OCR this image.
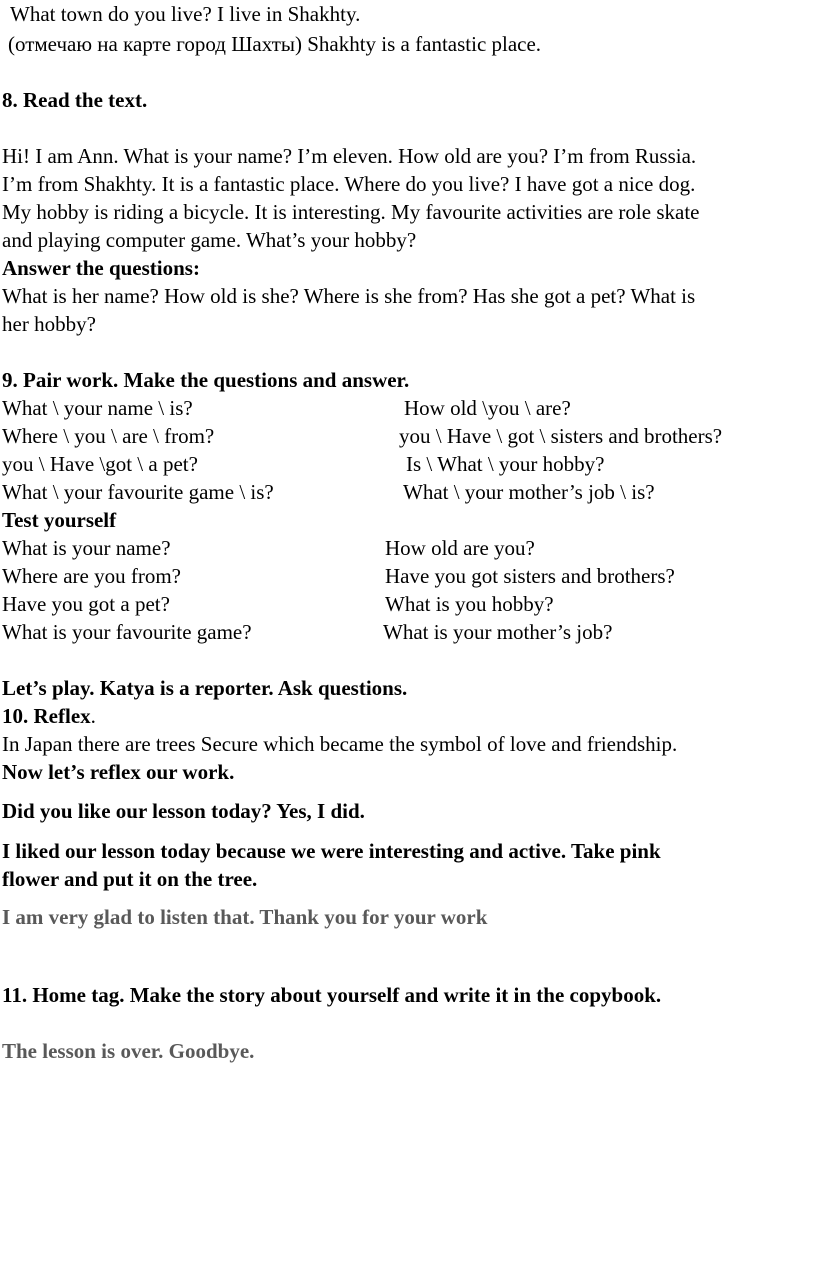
What town do you live? I live in Shakhty.

(отмечаю на карте город Шахты) Shakhty is a fantastic place.

8. Read the text.

Hi! I am Ann. What is your name? I’m eleven. How old are you? I’m from Russia.

I’m from Shakhty. It is a fantastic place. Where do you live? I have got a nice dog.

My hobby is riding a bicycle. It is interesting. My favourite activities are role skate

and playing computer game. What’s your hobby?

Answer the questions:

What is her name? How old is she? Where is she from? Has she got a pet? What is

her hobby?

9. Pair work. Make the questions and answer.

What \ your name \ is?	How old \you \ are?

Where \ you \ are \ from?	you \ Have \ got \ sisters and brothers?

you \ Have \got \ a pet?	Is \ What \ your hobby?

What \ your favourite game \ is?	What \ your mother’s job \ is?

Test yourself

What is your name?	How old are you?

Where are you from?	Have you got sisters and brothers?

Have you got a pet?	What is you hobby?

What is your favourite game?	What is your mother’s job?

Let’s play. Katya is a reporter. Ask questions.

10. Reflex.

In Japan there are trees Secure which became the symbol of love and friendship.

Now let’s reflex our work.

Did you like our lesson today? Yes, I did.

I liked our lesson today because we were interesting and active. Take pink

flower and put it on the tree.

I am very glad to listen that. Thank you for your work

11. Home tag. Make the story about yourself and write it in the copybook.

The lesson is over. Goodbye.
